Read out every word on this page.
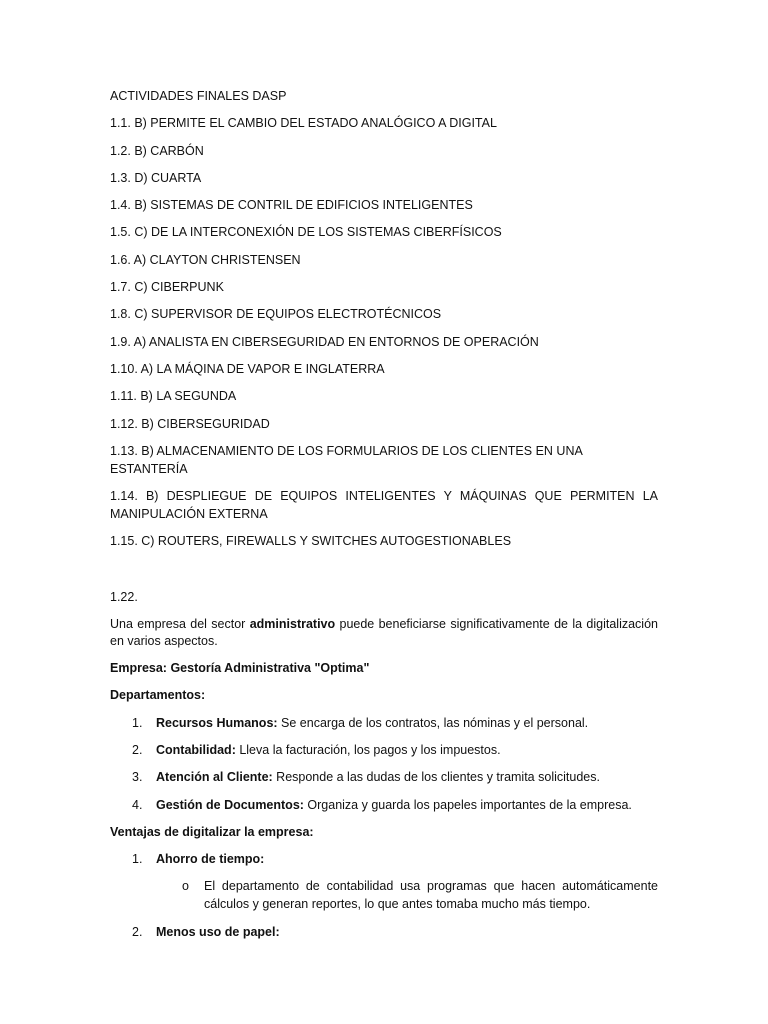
ACTIVIDADES FINALES DASP

1.1. B) PERMITE EL CAMBIO DEL ESTADO ANALÓGICO A DIGITAL

1.2. B) CARBÓN

1.3. D) CUARTA

1.4. B) SISTEMAS DE CONTRIL DE EDIFICIOS INTELIGENTES

1.5. C) DE LA INTERCONEXIÓN DE LOS SISTEMAS CIBERFÍSICOS

1.6. A) CLAYTON CHRISTENSEN

1.7. C) CIBERPUNK

1.8. C) SUPERVISOR DE EQUIPOS ELECTROTÉCNICOS

1.9. A) ANALISTA EN CIBERSEGURIDAD EN ENTORNOS DE OPERACIÓN

1.10. A) LA MÁQINA DE VAPOR E INGLATERRA

1.11. B) LA SEGUNDA

1.12. B) CIBERSEGURIDAD

1.13. B) ALMACENAMIENTO DE LOS FORMULARIOS DE LOS CLIENTES EN UNA ESTANTERÍA

1.14. B) DESPLIEGUE DE EQUIPOS INTELIGENTES Y MÁQUINAS QUE PERMITEN LA MANIPULACIÓN EXTERNA

1.15. C) ROUTERS, FIREWALLS Y SWITCHES AUTOGESTIONABLES

1.22.

Una empresa del sector administrativo puede beneficiarse significativamente de la digitalización en varios aspectos.

Empresa: Gestoría Administrativa "Optima"

Departamentos:

1.	Recursos Humanos: Se encarga de los contratos, las nóminas y el personal.
2.	Contabilidad: Lleva la facturación, los pagos y los impuestos.
3.	Atención al Cliente: Responde a las dudas de los clientes y tramita solicitudes.
4.	Gestión de Documentos: Organiza y guarda los papeles importantes de la empresa.

Ventajas de digitalizar la empresa:

1.	Ahorro de tiempo:
o	El departamento de contabilidad usa programas que hacen automáticamente cálculos y generan reportes, lo que antes tomaba mucho más tiempo.
2.	Menos uso de papel:
